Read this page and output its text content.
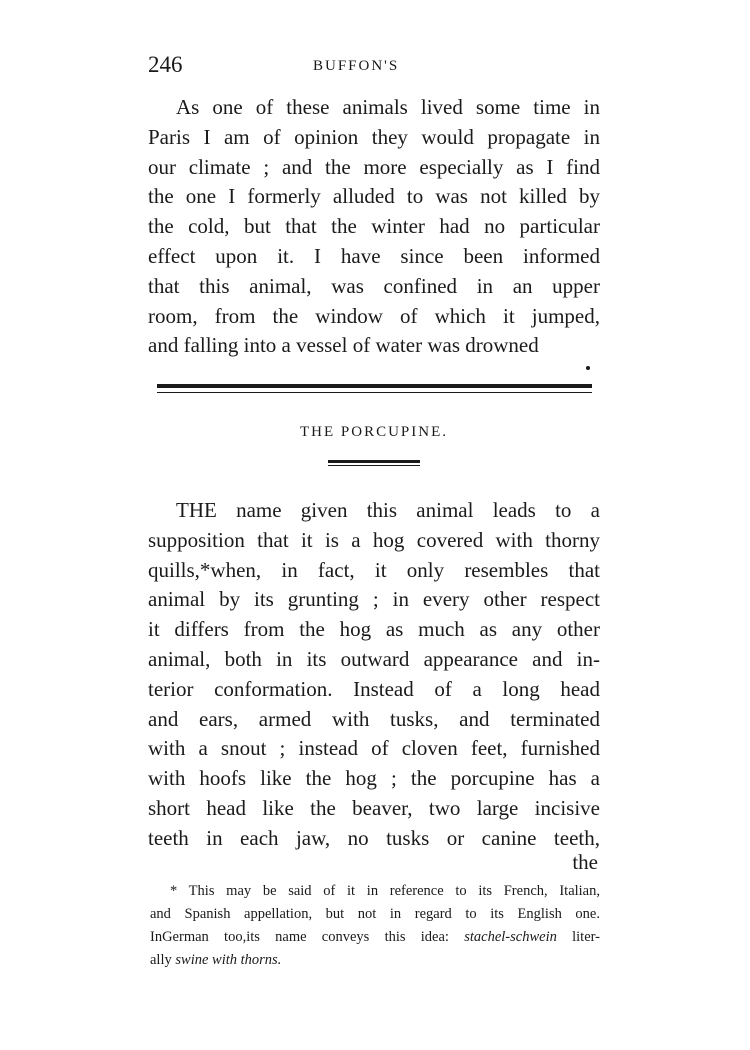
246	BUFFON'S
As one of these animals lived some time in
Paris I am of opinion they would propagate in
our climate ; and the more especially as I find
the one I formerly alluded to was not killed by
the cold, but that the winter had no particular
effect upon it. I have since been informed
that this animal, was confined in an upper
room, from the window of which it jumped,
and falling into a vessel of water was drowned
THE PORCUPINE.
THE name given this animal leads to a
supposition that it is a hog covered with thorny
quills,*when, in fact, it only resembles that
animal by its grunting ; in every other respect
it differs from the hog as much as any other
animal, both in its outward appearance and in-
terior conformation. Instead of a long head
and ears, armed with tusks, and terminated
with a snout ; instead of cloven feet, furnished
with hoofs like the hog ; the porcupine has a
short head like the beaver, two large incisive
teeth in each jaw, no tusks or canine teeth,
the
* This may be said of it in reference to its French, Italian,
and Spanish appellation, but not in regard to its English one.
InGerman too,its name conveys this idea: stachel-schwein liter-
ally swine with thorns.
